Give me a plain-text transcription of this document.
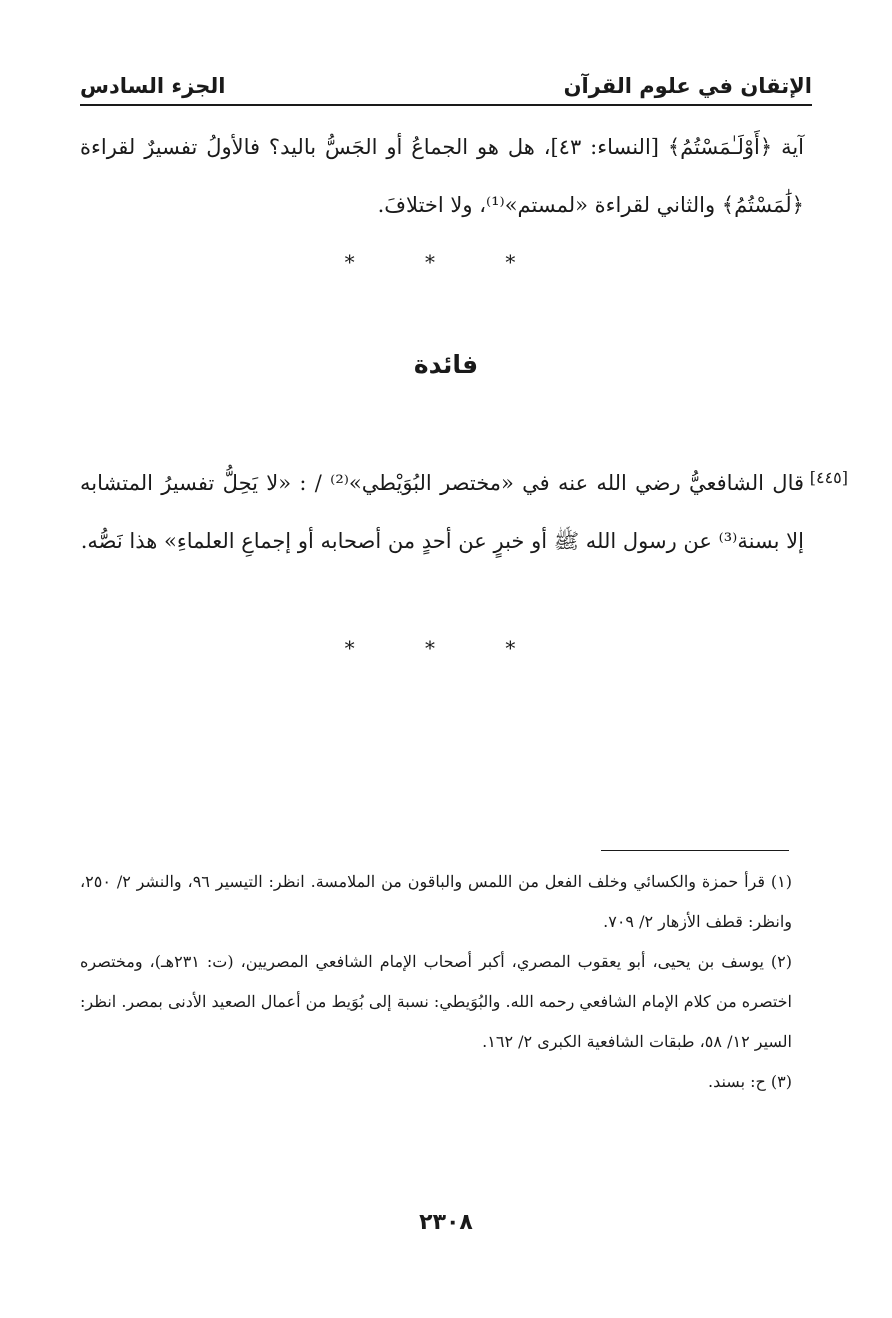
الإتقان في علوم القرآن
الجزء السادس

آية ﴿أَوْلَـٰمَسْتُمُ﴾ [النساء: ٤٣]، هل هو الجماعُ أو الجَسُّ باليد؟ فالأولُ تفسيرٌ لقراءة ﴿لَٰمَسْتُمُ﴾ والثاني لقراءة «لمستم»⁽¹⁾، ولا اختلافَ.

* * *
فائدة
[٤٤٥]

قال الشافعيُّ رضي الله عنه في «مختصر البُوَيْطي»⁽²⁾ / : «لا يَحِلُّ تفسيرُ المتشابه إلا بسنة⁽³⁾ عن رسول الله ﷺ أو خبرٍ عن أحدٍ من أصحابه أو إجماعِ العلماءِ» هذا نَصُّه.

* * *

(١) قرأ حمزة والكسائي وخلف الفعل من اللمس والباقون من الملامسة. انظر: التيسير ٩٦، والنشر ٢/ ٢٥٠، وانظر: قطف الأزهار ٢/ ٧٠٩.

(٢) يوسف بن يحيى، أبو يعقوب المصري، أكبر أصحاب الإمام الشافعي المصريين، (ت: ٢٣١هـ)، ومختصره اختصره من كلام الإمام الشافعي رحمه الله. والبُوَيطي: نسبة إلى بُوَيط من أعمال الصعيد الأدنى بمصر. انظر: السير ١٢/ ٥٨، طبقات الشافعية الكبرى ٢/ ١٦٢.

(٣) ح: بسند.

٢٣٠٨
